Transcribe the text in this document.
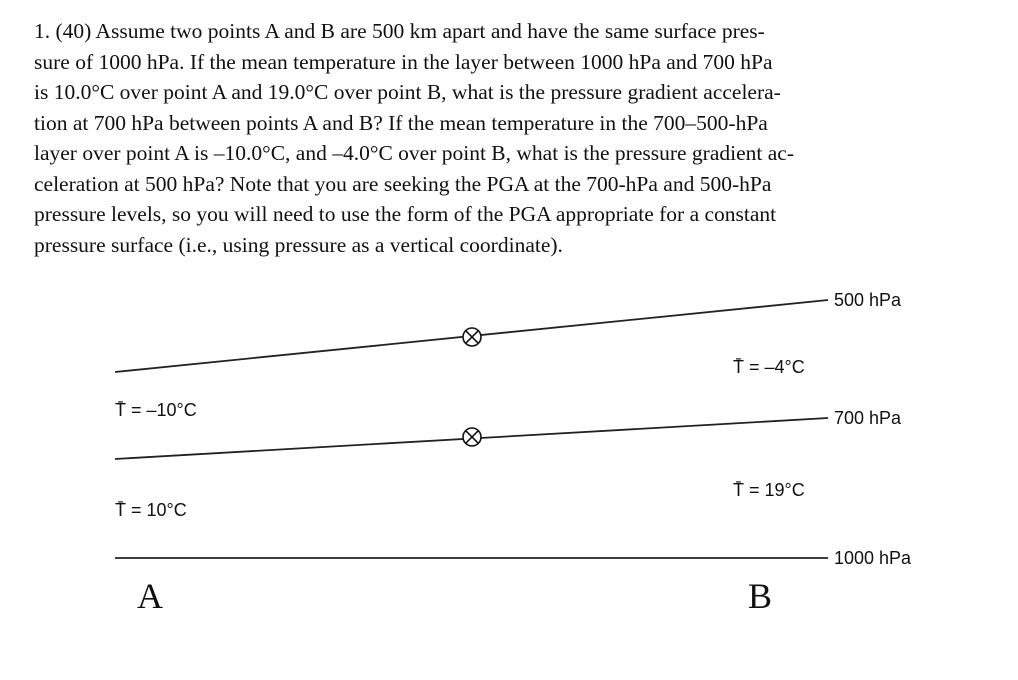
1. (40) Assume two points A and B are 500 km apart and have the same surface pres-
sure of 1000 hPa. If the mean temperature in the layer between 1000 hPa and 700 hPa
is 10.0°C over point A and 19.0°C over point B, what is the pressure gradient accelera-
tion at 700 hPa between points A and B? If the mean temperature in the 700–500-hPa
layer over point A is –10.0°C, and –4.0°C over point B, what is the pressure gradient ac-
celeration at 500 hPa? Note that you are seeking the PGA at the 700-hPa and 500-hPa
pressure levels, so you will need to use the form of the PGA appropriate for a constant
pressure surface (i.e., using pressure as a vertical coordinate).
500 hPa
700 hPa
1000 hPa
T̄ = –4°C
T̄ = –10°C
T̄ = 19°C
T̄ = 10°C
A	B
